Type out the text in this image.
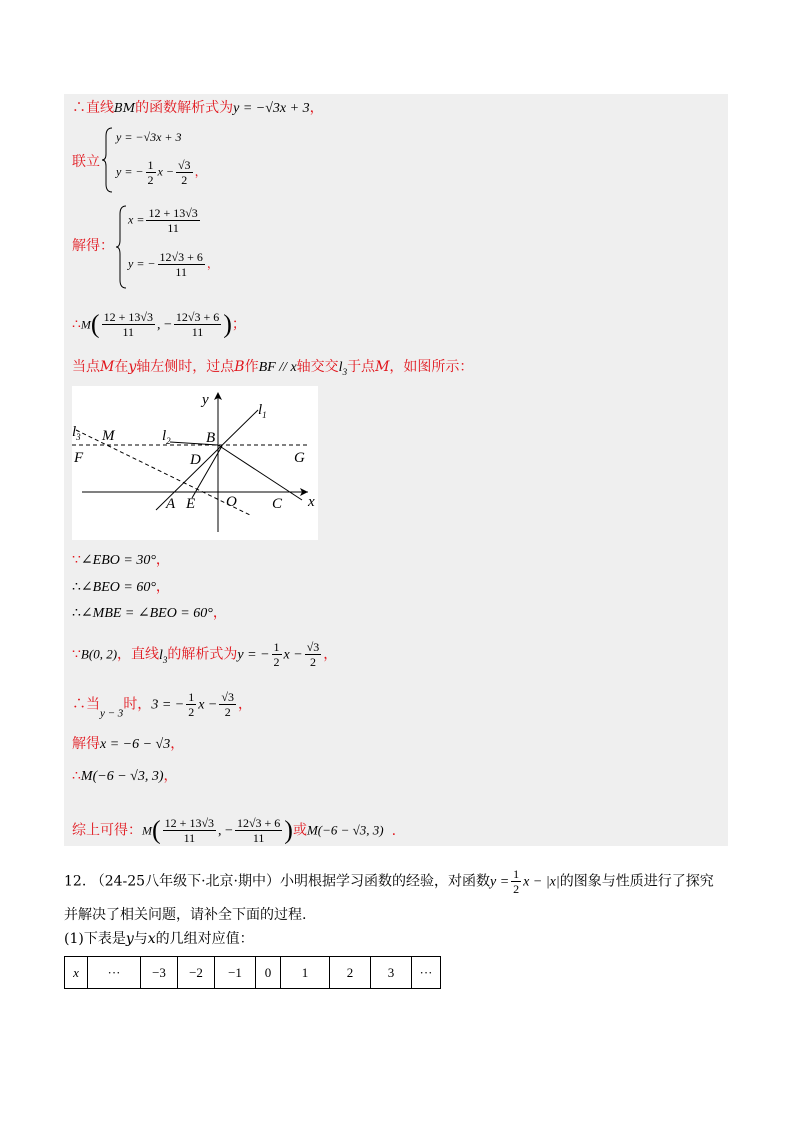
∴直线BM的函数解析式为y = −√3x + 3，
联立
y = −√3x + 3
y = − $\frac{1}{2}$ $x - \frac{√3}{2}$ ，
解得：
$x = \frac{12 + 13√3}{11}$
y = − $\frac{12√3 + 6}{11}$ ，
∴M( $\frac{12 + 13√3}{11}$ , − $\frac{12√3 + 6}{11}$ )；
当点M在y轴左侧时，过点B作BF // x轴交交$l_3$于点M，如图所示：
y
x
$l_1$
$l_2$
$l_3$ M	B
F	G
D
A E O C
∵∠EBO = 30°，
∴∠BEO = 60°，
∴∠MBE = ∠BEO = 60°，
∵B(0, 2)，直线$l_3$的解析式为y = − $\frac{1}{2}$ $x - \frac{√3}{2}$ ，
∴当$_{y - 3}$时，3 = − $\frac{1}{2}$ $x - \frac{√3}{2}$ ，
解得x = −6 − √3，
∴M(−6 − √3, 3)，
综上可得：$M( \frac{12 + 13√3}{11}$ , − $\frac{12√3 + 6}{11}$ )或M(−6 − √3, 3) .
12. （24-25八年级下·北京·期中）小明根据学习函数的经验，对函数$y = \frac{1}{2}$ x − |x|的图象与性质进行了探究
并解决了相关问题，请补全下面的过程.
(1)下表是y与x的几组对应值：
x	···	−3	−2	−1	0	1	2	3	···
